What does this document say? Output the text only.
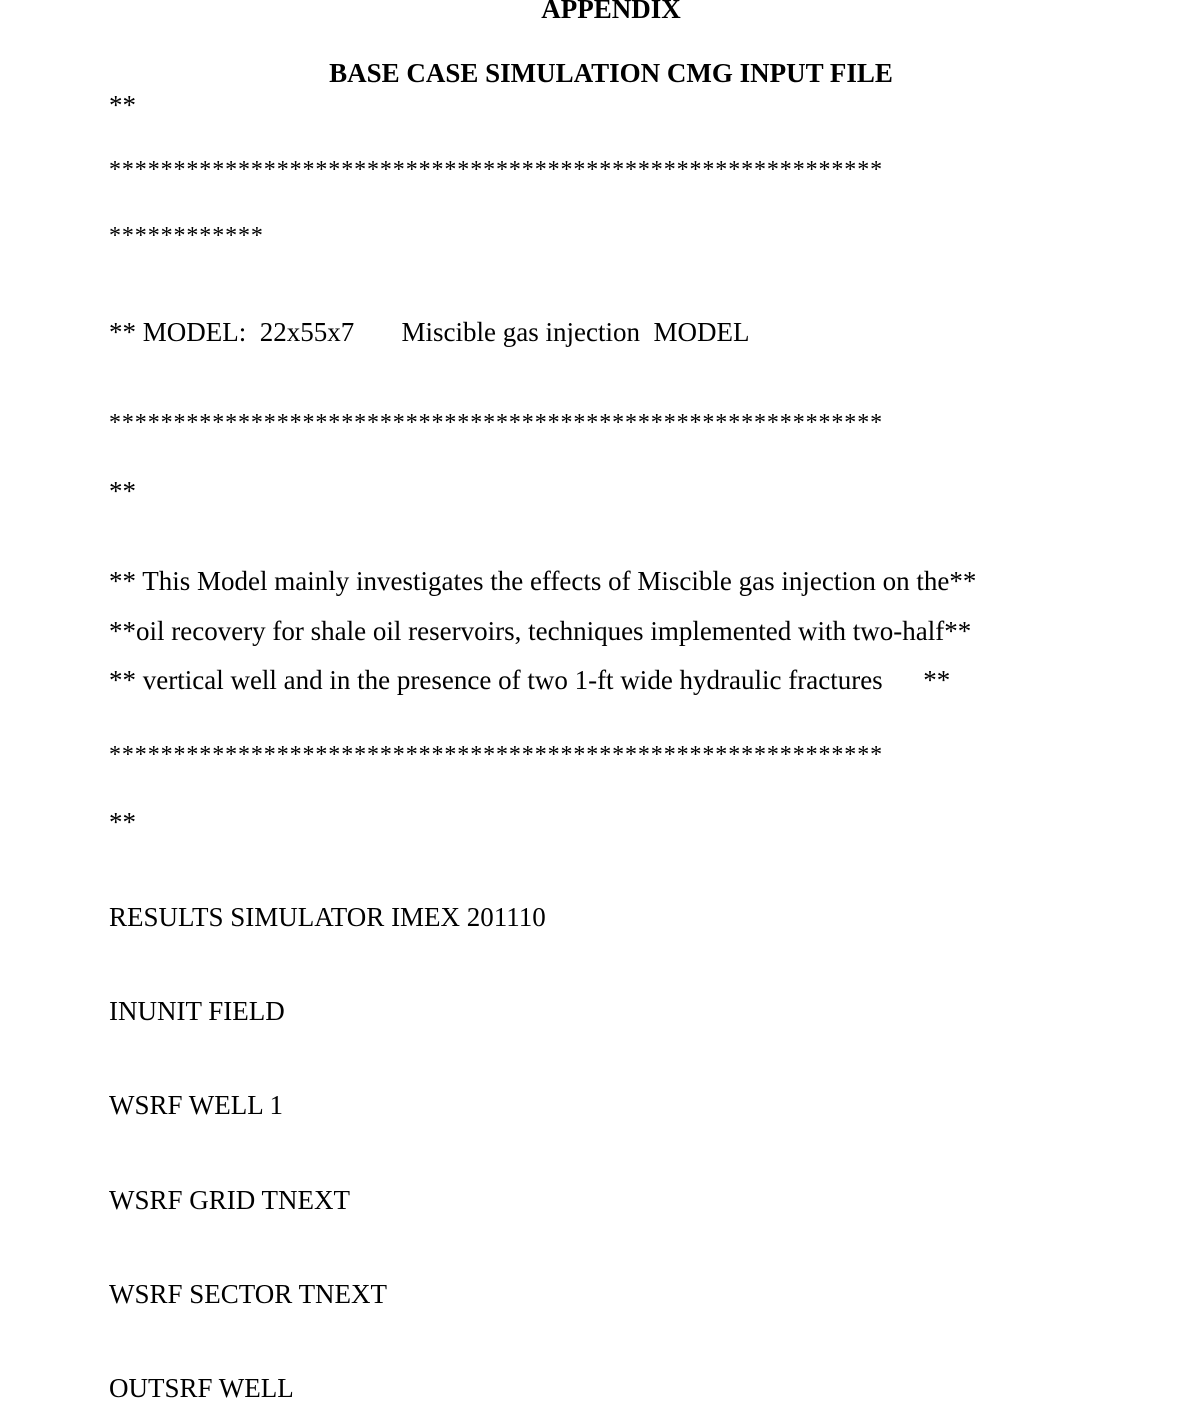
APPENDIX
BASE CASE SIMULATION CMG INPUT FILE
**
************************************************************
************
** MODEL:  22x55x7       Miscible gas injection  MODEL
************************************************************
**
** This Model mainly investigates the effects of Miscible gas injection on the**
**oil recovery for shale oil reservoirs, techniques implemented with two-half**
** vertical well and in the presence of two 1-ft wide hydraulic fractures      **
************************************************************
**
RESULTS SIMULATOR IMEX 201110
INUNIT FIELD
WSRF WELL 1
WSRF GRID TNEXT
WSRF SECTOR TNEXT
OUTSRF WELL
